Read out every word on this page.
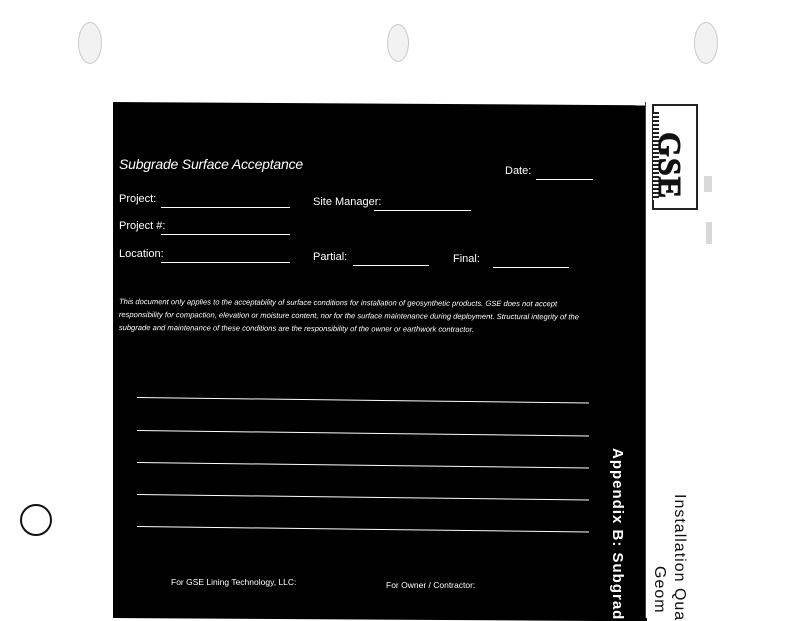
GSE
Subgrade Surface Acceptance	Date:
Project:	Site Manager:
Project #:
Location:	Partial:	Final:
This document only applies to the acceptability of surface conditions for installation of geosynthetic products. GSE does not accept responsibility for compaction, elevation or moisture content, nor for the surface maintenance during deployment. Structural integrity of the subgrade and maintenance of these conditions are the responsibility of the owner or earthwork contractor.
For GSE Lining Technology, LLC:	For Owner / Contractor:	Appendix B: Subgrad	Installation Qua
Geom
